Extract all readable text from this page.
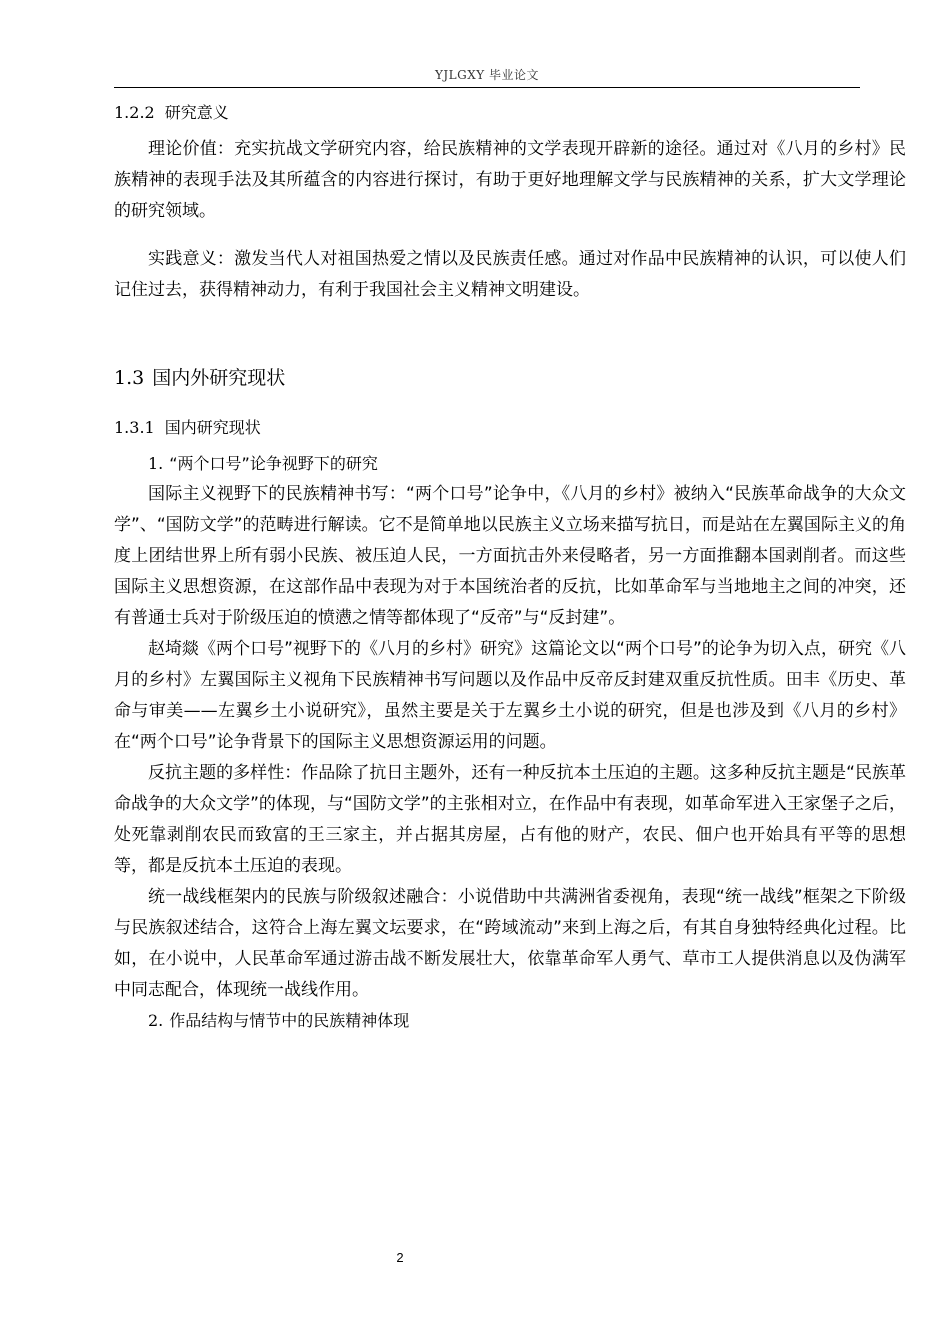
YJLGXY 毕业论文
1.2.2 研究意义

理论价值：充实抗战文学研究内容，给民族精神的文学表现开辟新的途径。通过对《八月的乡村》民族精神的表现手法及其所蕴含的内容进行探讨，有助于更好地理解文学与民族精神的关系，扩大文学理论的研究领域。

实践意义：激发当代人对祖国热爱之情以及民族责任感。通过对作品中民族精神的认识，可以使人们记住过去，获得精神动力，有利于我国社会主义精神文明建设。

1.3 国内外研究现状
1.3.1 国内研究现状
1. “两个口号”论争视野下的研究

国际主义视野下的民族精神书写：“两个口号”论争中，《八月的乡村》被纳入“民族革命战争的大众文学”、“国防文学”的范畴进行解读。它不是简单地以民族主义立场来描写抗日，而是站在左翼国际主义的角度上团结世界上所有弱小民族、被压迫人民，一方面抗击外来侵略者，另一方面推翻本国剥削者。而这些国际主义思想资源，在这部作品中表现为对于本国统治者的反抗，比如革命军与当地地主之间的冲突，还有普通士兵对于阶级压迫的愤懑之情等都体现了“反帝”与“反封建”。

赵埼燚《两个口号”视野下的《八月的乡村》研究》这篇论文以“两个口号”的论争为切入点，研究《八月的乡村》左翼国际主义视角下民族精神书写问题以及作品中反帝反封建双重反抗性质。田丰《历史、革命与审美——左翼乡土小说研究》，虽然主要是关于左翼乡土小说的研究，但是也涉及到《八月的乡村》在“两个口号”论争背景下的国际主义思想资源运用的问题。

反抗主题的多样性：作品除了抗日主题外，还有一种反抗本土压迫的主题。这多种反抗主题是“民族革命战争的大众文学”的体现，与“国防文学”的主张相对立，在作品中有表现，如革命军进入王家堡子之后，处死靠剥削农民而致富的王三家主，并占据其房屋，占有他的财产，农民、佃户也开始具有平等的思想等，都是反抗本土压迫的表现。

统一战线框架内的民族与阶级叙述融合：小说借助中共满洲省委视角，表现“统一战线”框架之下阶级与民族叙述结合，这符合上海左翼文坛要求，在“跨域流动”来到上海之后，有其自身独特经典化过程。比如，在小说中，人民革命军通过游击战不断发展壮大，依靠革命军人勇气、草市工人提供消息以及伪满军中同志配合，体现统一战线作用。

2. 作品结构与情节中的民族精神体现
2
